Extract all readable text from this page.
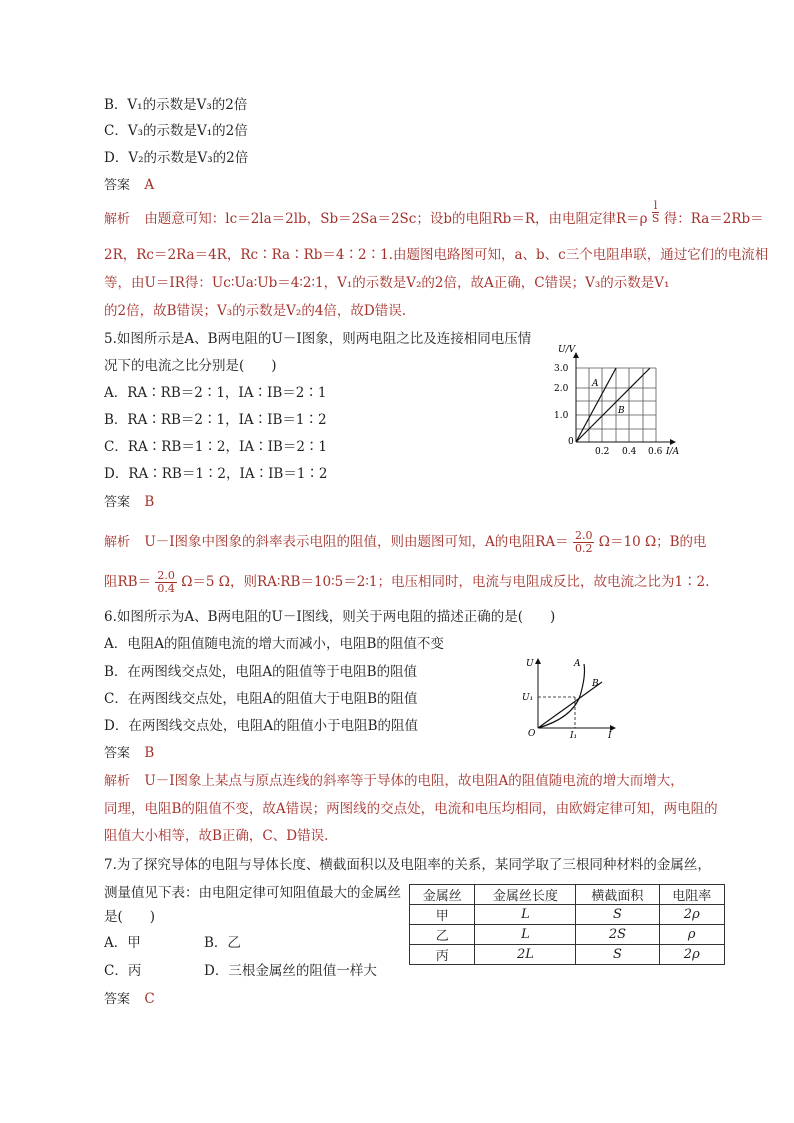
B．V₁的示数是V₃的2倍
C．V₃的示数是V₁的2倍
D．V₂的示数是V₃的2倍
答案 A
解析 由题意可知：lc＝2la＝2lb，Sb＝2Sa＝2Sc；设b的电阻Rb＝R，由电阻定律$R=\rho \frac{l}{S}$ 得：Ra＝2Rb＝
2R，Rc＝2Ra＝4R，Rc∶Ra∶Rb＝4∶2∶1.由题图电路图可知，a、b、c三个电阻串联，通过它们的电流相
等，由U＝IR得：Uc∶Ua∶Ub＝4∶2∶1，V₁的示数是V₂的2倍，故A正确，C错误；V₃的示数是V₁
的2倍，故B错误；V₃的示数是V₂的4倍，故D错误.
5.如图所示是A、B两电阻的U－I图象，则两电阻之比及连接相同电压情
况下的电流之比分别是(　　)
A．RA∶RB＝2∶1，IA∶IB＝2∶1
B．RA∶RB＝2∶1，IA∶IB＝1∶2
C．RA∶RB＝1∶2，IA∶IB＝2∶1
D．RA∶RB＝1∶2，IA∶IB＝1∶2
答案 B
U/V
3.0
2.0
1.0
0
0.2 0.4 0.6 I/A
A
B
解析 U－I图象中图象的斜率表示电阻的阻值，则由题图可知，A的电阻$RA= \frac{2.0}{0.2} \Omega=10$ Ω；B的电
阻$RB= \frac{2.0}{0.4} \Omega=5$ Ω，则RA∶RB＝10∶5＝2∶1；电压相同时，电流与电阻成反比，故电流之比为1∶2.
6.如图所示为A、B两电阻的U－I图线，则关于两电阻的描述正确的是(　　)
A．电阻A的阻值随电流的增大而减小，电阻B的阻值不变
B．在两图线交点处，电阻A的阻值等于电阻B的阻值
C．在两图线交点处，电阻A的阻值大于电阻B的阻值
D．在两图线交点处，电阻A的阻值小于电阻B的阻值
答案 B
U
U₁
O	I₁	I
A
B
解析 U－I图象上某点与原点连线的斜率等于导体的电阻，故电阻A的阻值随电流的增大而增大，
同理，电阻B的阻值不变，故A错误；两图线的交点处，电流和电压均相同，由欧姆定律可知，两电阻的
阻值大小相等，故B正确，C、D错误.
7.为了探究导体的电阻与导体长度、横截面积以及电阻率的关系，某同学取了三根同种材料的金属丝，
测量值见下表：由电阻定律可知阻值最大的金属丝
是(　　)
A．甲	B．乙
C．丙	D．三根金属丝的阻值一样大
答案 C
金属丝	金属丝长度	横截面积	电阻率
甲	L	S	2ρ
乙	L	2S	ρ
丙	2L	S	2ρ
